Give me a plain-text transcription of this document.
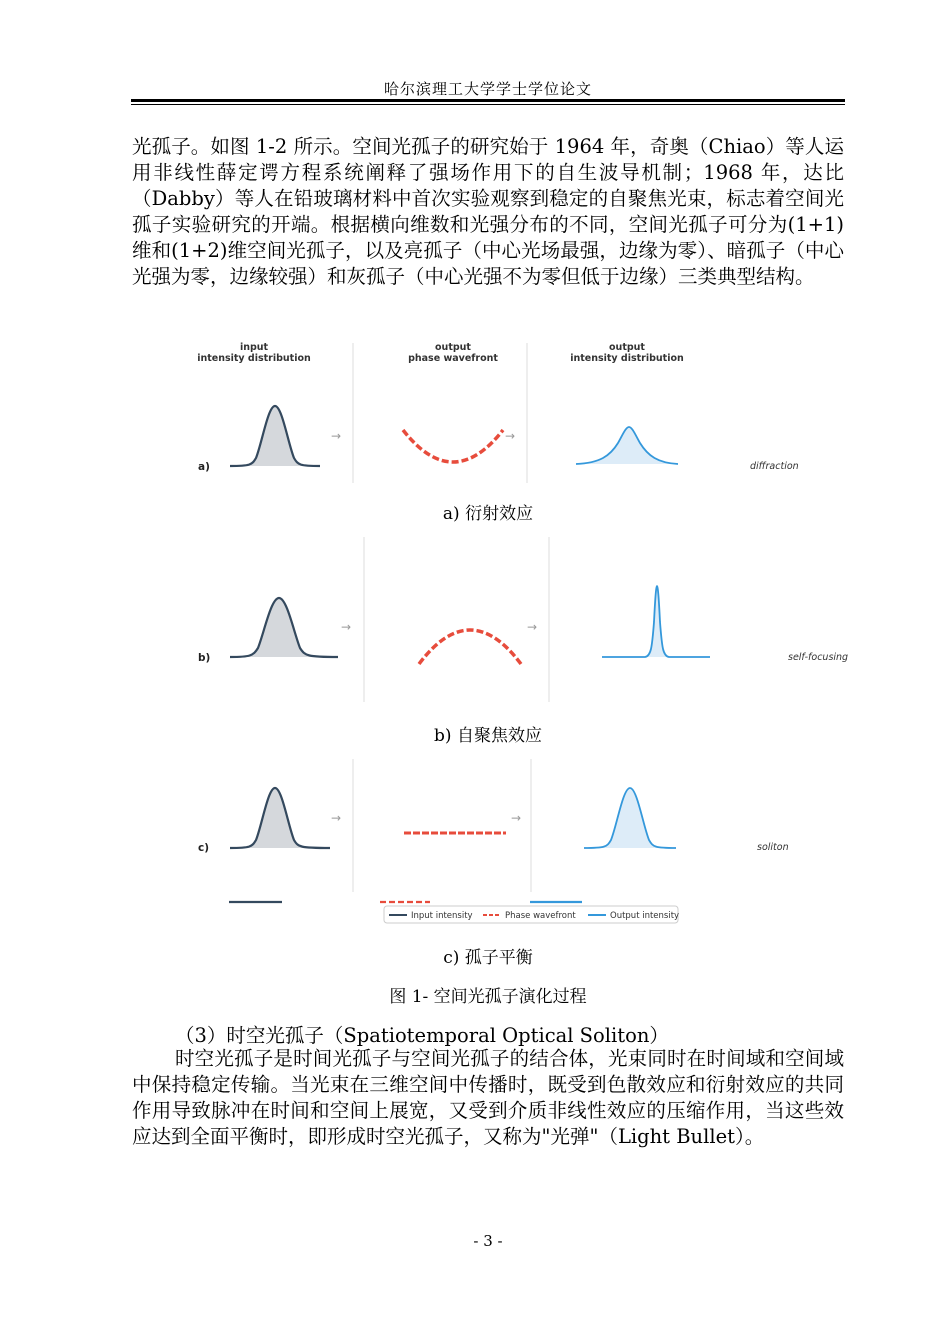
哈尔滨理工大学学士学位论文
光孤子。如图 1-2 所示。空间光孤子的研究始于 1964 年，奇奥（Chiao）等人运用非线性薛定谔方程系统阐释了强场作用下的自生波导机制；1968 年，达比（Dabby）等人在铅玻璃材料中首次实验观察到稳定的自聚焦光束，标志着空间光孤子实验研究的开端。根据横向维数和光强分布的不同，空间光孤子可分为(1+1)维和(1+2)维空间光孤子，以及亮孤子（中心光场最强，边缘为零）、暗孤子（中心光强为零，边缘较强）和灰孤子（中心光强不为零但低于边缘）三类典型结构。
input
intensity distribution
output
phase wavefront
output
intensity distribution
a)
→	→
diffraction
a) 衍射效应
b)
→	→
self-focusing
b) 自聚焦效应
c)
→	→
soliton
Input intensity	Phase wavefront	Output intensity
c) 孤子平衡
图 1- 空间光孤子演化过程
（3）时空光孤子（Spatiotemporal Optical Soliton）
时空光孤子是时间光孤子与空间光孤子的结合体，光束同时在时间域和空间域中保持稳定传输。当光束在三维空间中传播时，既受到色散效应和衍射效应的共同作用导致脉冲在时间和空间上展宽，又受到介质非线性效应的压缩作用，当这些效应达到全面平衡时，即形成时空光孤子，又称为"光弹"（Light Bullet）。
- 3 -
